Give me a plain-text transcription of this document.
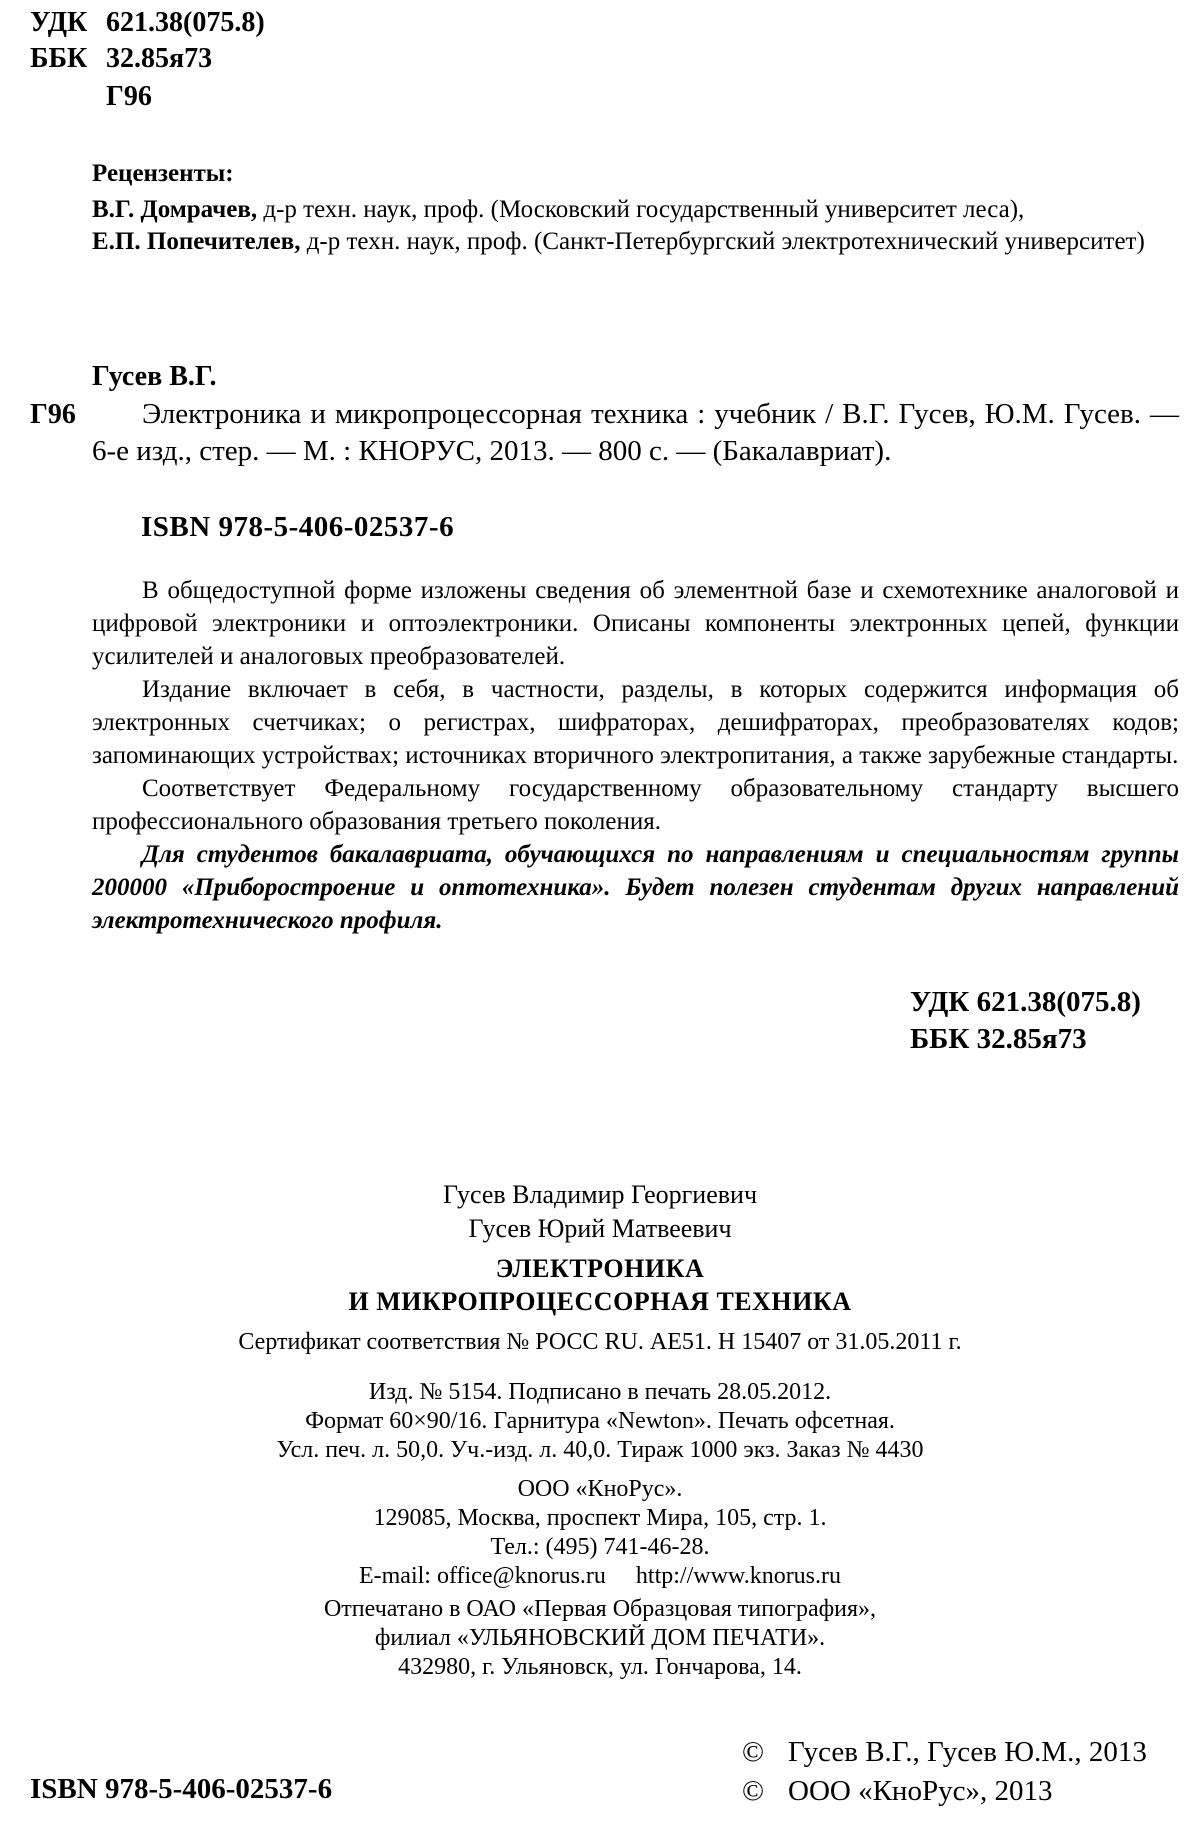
УДК 621.38(075.8)
ББК 32.85я73
Г96

Рецензенты:

В.Г. Домрачев, д-р техн. наук, проф. (Московский государственный университет леса),

Е.П. Попечителев, д-р техн. наук, проф. (Санкт-Петербургский электротехнический университет)

Гусев В.Г.
Г96	Электроника и микропроцессорная техника : учебник / В.Г. Гусев, Ю.М. Гусев. — 6-е изд., стер. — М. : КНОРУС, 2013. — 800 с. — (Бакалавриат).
ISBN 978-5-406-02537-6

В общедоступной форме изложены сведения об элементной базе и схемотехнике аналоговой и цифровой электроники и оптоэлектроники. Описаны компоненты электронных цепей, функции усилителей и аналоговых преобразователей.

Издание включает в себя, в частности, разделы, в которых содержится информация об электронных счетчиках; о регистрах, шифраторах, дешифраторах, преобразователях кодов; запоминающих устройствах; источниках вторичного электропитания, а также зарубежные стандарты.

Соответствует Федеральному государственному образовательному стандарту высшего профессионального образования третьего поколения.

Для студентов бакалавриата, обучающихся по направлениям и специальностям группы 200000 «Приборостроение и оптотехника». Будет полезен студентам других направлений электротехнического профиля.

УДК 621.38(075.8)
ББК 32.85я73

Гусев Владимир Георгиевич

Гусев Юрий Матвеевич

ЭЛЕКТРОНИКА

И МИКРОПРОЦЕССОРНАЯ ТЕХНИКА

Сертификат соответствия № РОСС RU. АЕ51. Н 15407 от 31.05.2011 г.

Изд. № 5154. Подписано в печать 28.05.2012.

Формат 60×90/16. Гарнитура «Newton». Печать офсетная.

Усл. печ. л. 50,0. Уч.-изд. л. 40,0. Тираж 1000 экз. Заказ № 4430

ООО «КноРус».

129085, Москва, проспект Мира, 105, стр. 1.

Тел.: (495) 741-46-28.

E-mail: office@knorus.ru     http://www.knorus.ru

Отпечатано в ОАО «Первая Образцовая типография»,

филиал «УЛЬЯНОВСКИЙ ДОМ ПЕЧАТИ».

432980, г. Ульяновск, ул. Гончарова, 14.

ISBN 978-5-406-02537-6

© Гусев В.Г., Гусев Ю.М., 2013

© ООО «КноРус», 2013
